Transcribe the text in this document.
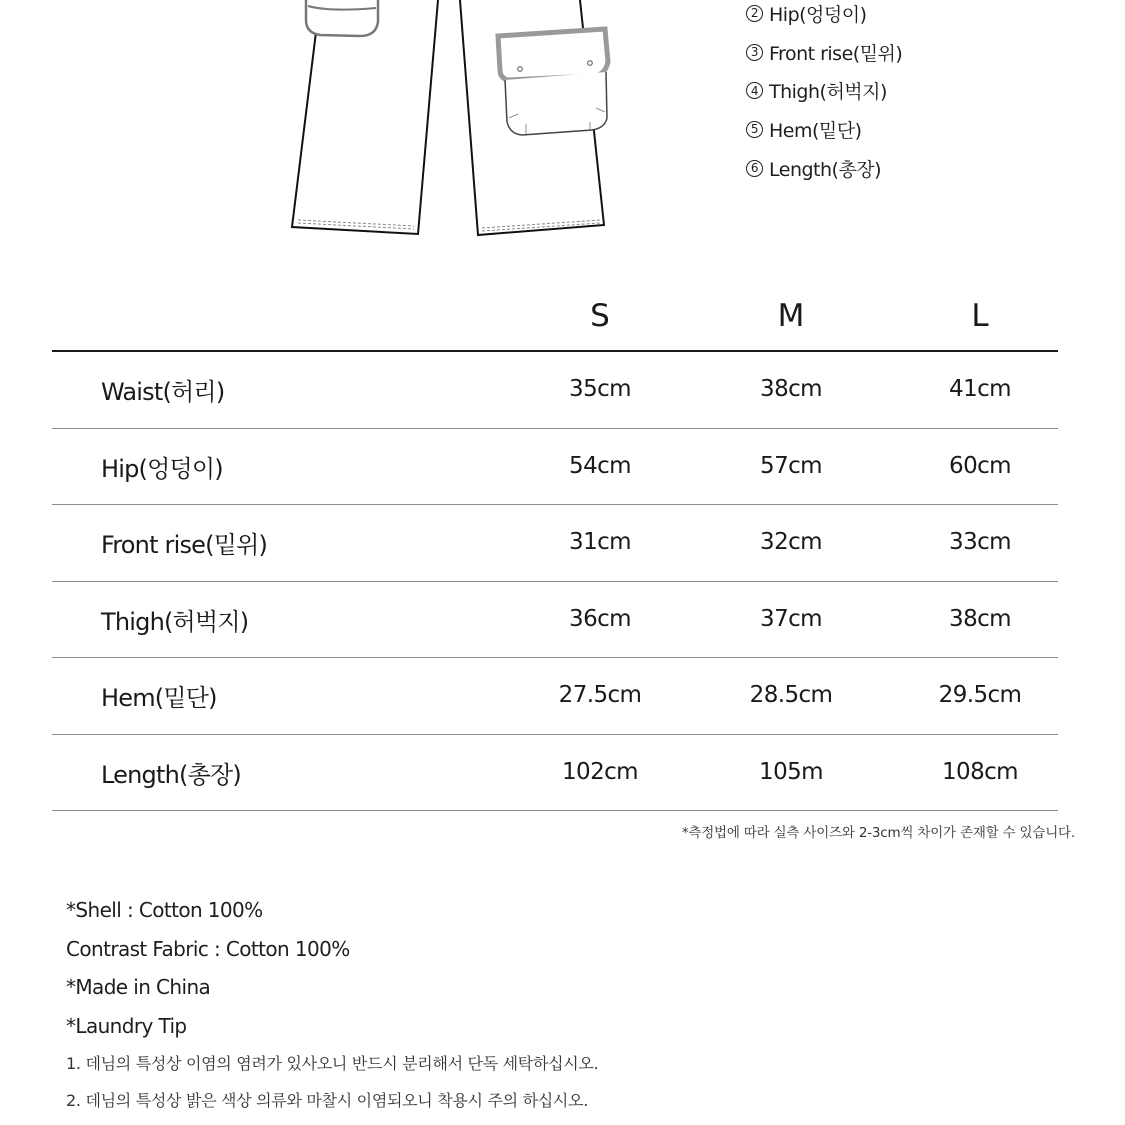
2 Hip(엉덩이)
3 Front rise(밑위)
4 Thigh(허벅지)
5 Hem(밑단)
6 Length(총장)
S	M	L
Waist(허리)	35cm	38cm	41cm
Hip(엉덩이)	54cm	57cm	60cm
Front rise(밑위)	31cm	32cm	33cm
Thigh(허벅지)	36cm	37cm	38cm
Hem(밑단)	27.5cm	28.5cm	29.5cm
Length(총장)	102cm	105m	108cm
*측정법에 따라 실측 사이즈와 2-3cm씩 차이가 존재할 수 있습니다.
*Shell : Cotton 100%
Contrast Fabric : Cotton 100%
*Made in China
*Laundry Tip
1. 데님의 특성상 이염의 염려가 있사오니 반드시 분리해서 단독 세탁하십시오.
2. 데님의 특성상 밝은 색상 의류와 마찰시 이염되오니 착용시 주의 하십시오.
